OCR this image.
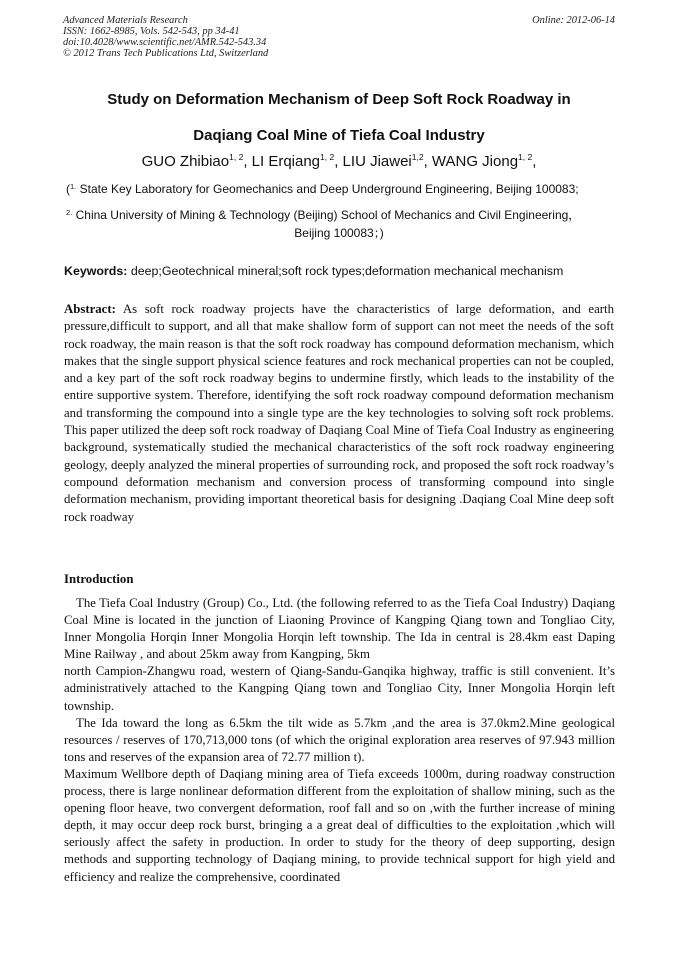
Advanced Materials Research
ISSN: 1662-8985, Vols. 542-543, pp 34-41
doi:10.4028/www.scientific.net/AMR.542-543.34
© 2012 Trans Tech Publications Ltd, Switzerland
Online: 2012-06-14
Study on Deformation Mechanism of Deep Soft Rock Roadway in
Daqiang Coal Mine of Tiefa Coal Industry
GUO Zhibiao$^{1, 2}$, LI Erqiang$^{1, 2}$, LIU Jiawei$^{1,2}$, WANG Jiong$^{1, 2}$,
($^{1.}$ State Key Laboratory for Geomechanics and Deep Underground Engineering, Beijing 100083;
$^{2.}$ China University of Mining & Technology (Beijing) School of Mechanics and Civil Engineering，
Beijing 100083；)
Keywords: deep;Geotechnical mineral;soft rock types;deformation mechanical mechanism
Abstract: As soft rock roadway projects have the characteristics of large deformation, and earth pressure,difficult to support, and all that make shallow form of support can not meet the needs of the soft rock roadway, the main reason is that the soft rock roadway has compound deformation mechanism, which makes that the single support physical science features and rock mechanical properties can not be coupled, and a key part of the soft rock roadway begins to undermine firstly, which leads to the instability of the entire supportive system. Therefore, identifying the soft rock roadway compound deformation mechanism and transforming the compound into a single type are the key technologies to solving soft rock problems. This paper utilized the deep soft rock roadway of Daqiang Coal Mine of Tiefa Coal Industry as engineering background, systematically studied the mechanical characteristics of the soft rock roadway engineering geology, deeply analyzed the mineral properties of surrounding rock, and proposed the soft rock roadway’s compound deformation mechanism and conversion process of transforming compound into single deformation mechanism, providing important theoretical basis for designing .Daqiang Coal Mine deep soft rock roadway
Introduction

The Tiefa Coal Industry (Group) Co., Ltd. (the following referred to as the Tiefa Coal Industry) Daqiang Coal Mine is located in the junction of Liaoning Province of Kangping Qiang town and Tongliao City, Inner Mongolia Horqin Inner Mongolia Horqin left township. The Ida in central is 28.4km east Daping Mine Railway , and about 25km away from Kangping, 5km

north Campion-Zhangwu road, western of Qiang-Sandu-Ganqika highway, traffic is still convenient. It’s administratively attached to the Kangping Qiang town and Tongliao City, Inner Mongolia Horqin left township.

The Ida toward the long as 6.5km the tilt wide as 5.7km ,and the area is 37.0km2.Mine geological resources / reserves of 170,713,000 tons (of which the original exploration area reserves of 97.943 million tons and reserves of the expansion area of 72.77 million t).

Maximum Wellbore depth of Daqiang mining area of Tiefa exceeds 1000m, during roadway construction process, there is large nonlinear deformation different from the exploitation of shallow mining, such as the opening floor heave, two convergent deformation, roof fall and so on ,with the further increase of mining depth, it may occur deep rock burst, bringing a a great deal of difficulties to the exploitation ,which will seriously affect the safety in production. In order to study for the theory of deep supporting, design methods and supporting technology of Daqiang mining, to provide technical support for high yield and efficiency and realize the comprehensive, coordinated
